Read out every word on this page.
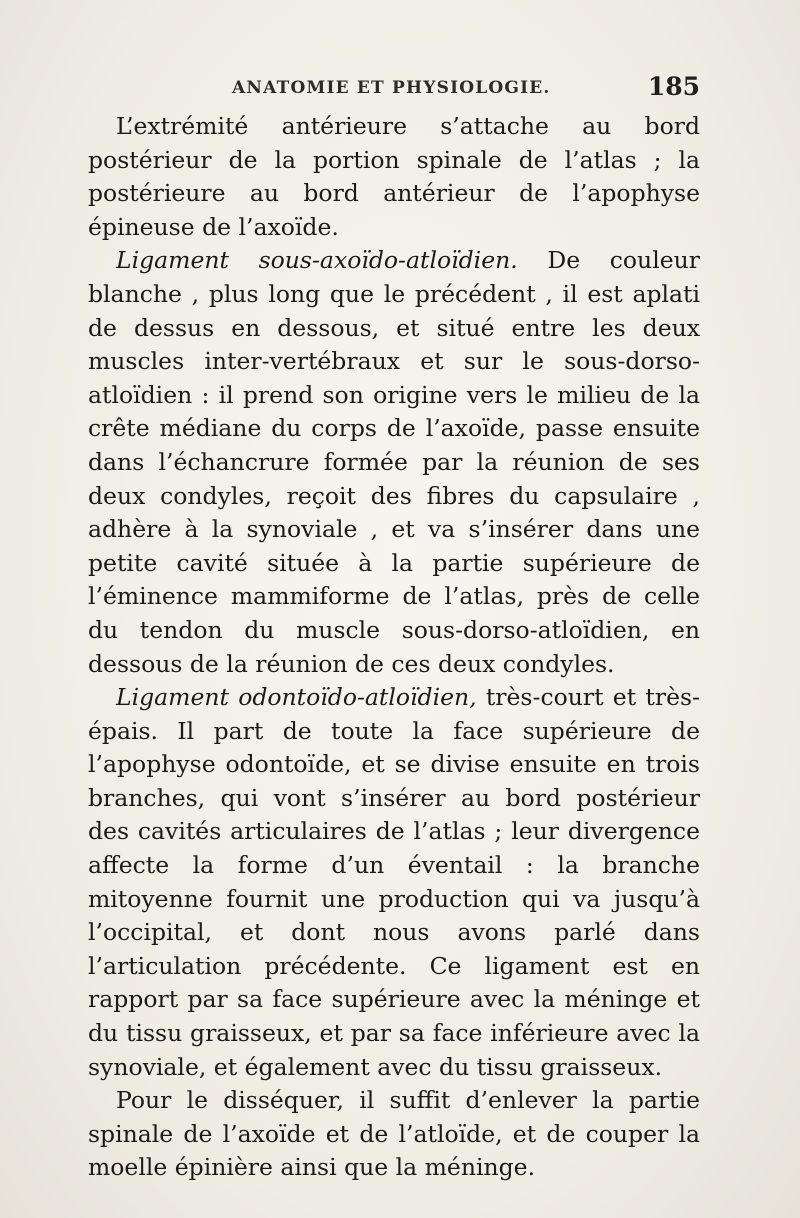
ANATOMIE ET PHYSIOLOGIE.	185

L’extrémité antérieure s’attache au bord postérieur de la portion spinale de l’atlas ; la postérieure au bord antérieur de l’apophyse épineuse de l’axoïde.

Ligament sous-axoïdo-atloïdien. De couleur blanche , plus long que le précédent , il est aplati de dessus en dessous, et situé entre les deux muscles inter-vertébraux et sur le sous-dorso-atloïdien : il prend son origine vers le milieu de la crête médiane du corps de l’axoïde, passe ensuite dans l’échancrure formée par la réunion de ses deux condyles, reçoit des fibres du capsulaire , adhère à la synoviale , et va s’insérer dans une petite cavité située à la partie supérieure de l’éminence mammiforme de l’atlas, près de celle du tendon du muscle sous-dorso-atloïdien, en dessous de la réunion de ces deux condyles.

Ligament odontoïdo-atloïdien, très-court et très-épais. Il part de toute la face supérieure de l’apophyse odontoïde, et se divise ensuite en trois branches, qui vont s’insérer au bord postérieur des cavités articulaires de l’atlas ; leur divergence affecte la forme d’un éventail : la branche mitoyenne fournit une production qui va jusqu’à l’occipital, et dont nous avons parlé dans l’articulation précédente. Ce ligament est en rapport par sa face supérieure avec la méninge et du tissu graisseux, et par sa face inférieure avec la synoviale, et également avec du tissu graisseux.

Pour le disséquer, il suffit d’enlever la partie spinale de l’axoïde et de l’atloïde, et de couper la moelle épinière ainsi que la méninge.
